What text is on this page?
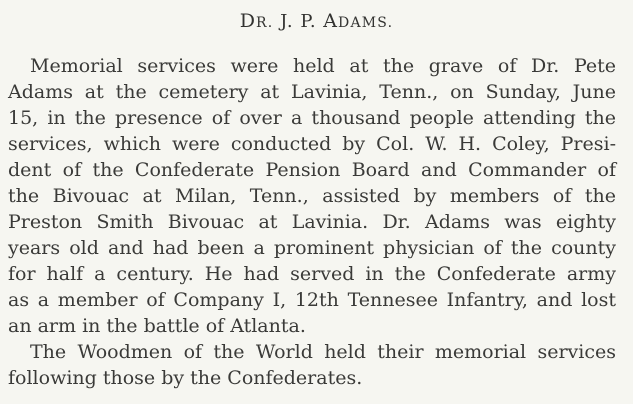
DR. J. P. ADAMS.
Memorial services were held at the grave of Dr. Pete
Adams at the cemetery at Lavinia, Tenn., on Sunday, June
15, in the presence of over a thousand people attending the
services, which were conducted by Col. W. H. Coley, Presi-
dent of the Confederate Pension Board and Commander of
the Bivouac at Milan, Tenn., assisted by members of the
Preston Smith Bivouac at Lavinia. Dr. Adams was eighty
years old and had been a prominent physician of the county
for half a century. He had served in the Confederate army
as a member of Company I, 12th Tennesee Infantry, and lost
an arm in the battle of Atlanta.
The Woodmen of the World held their memorial services
following those by the Confederates.
